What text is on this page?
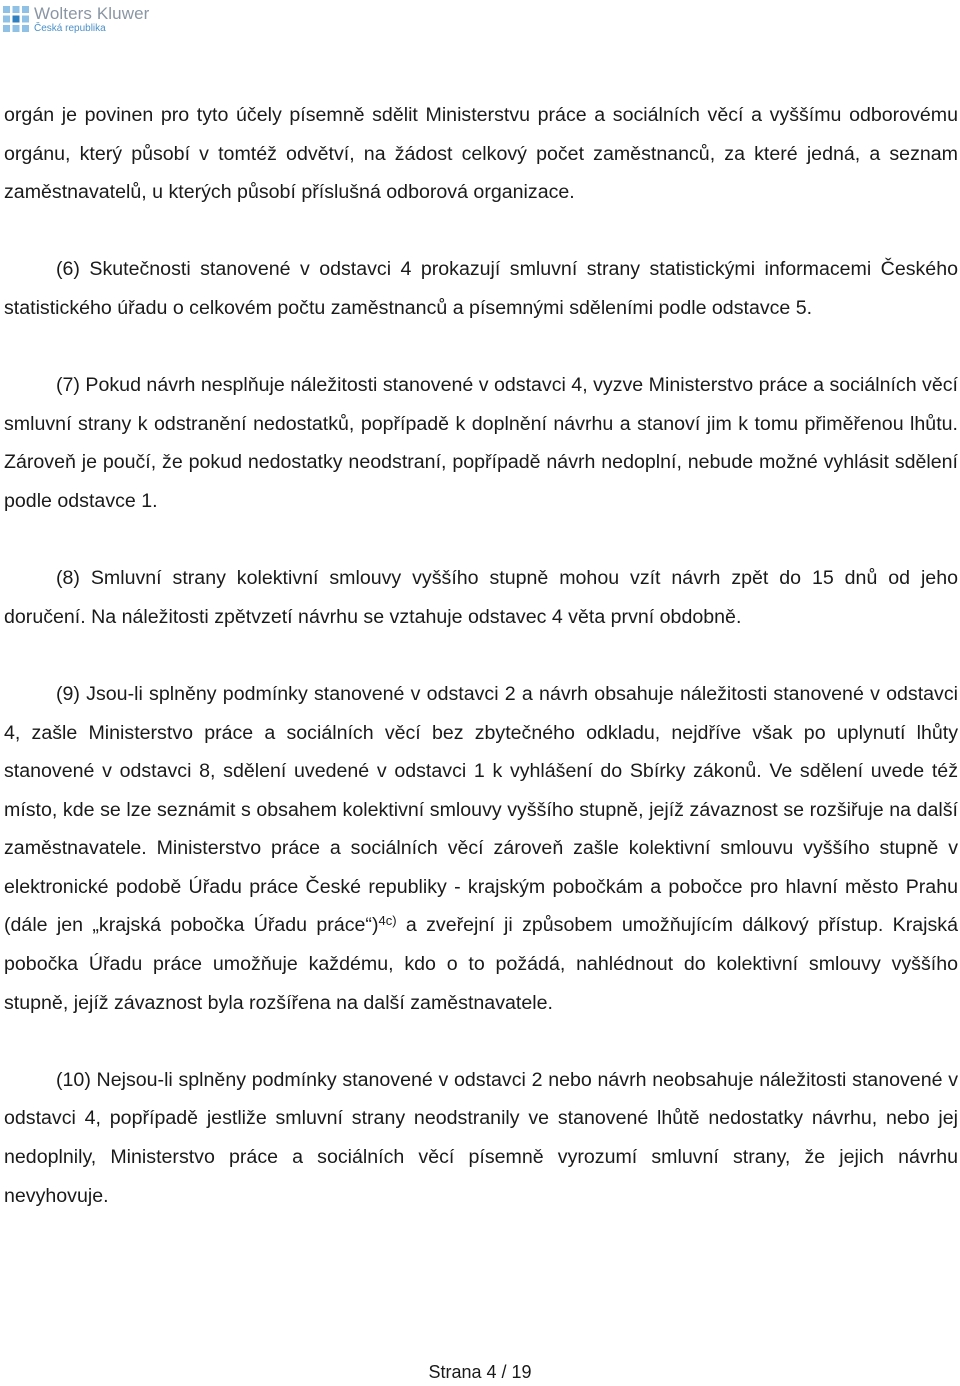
Wolters Kluwer
Česká republika

orgán je povinen pro tyto účely písemně sdělit Ministerstvu práce a sociálních věcí a vyššímu odborovému orgánu, který působí v tomtéž odvětví, na žádost celkový počet zaměstnanců, za které jedná, a seznam zaměstnavatelů, u kterých působí příslušná odborová organizace.

(6) Skutečnosti stanovené v odstavci 4 prokazují smluvní strany statistickými informacemi Českého statistického úřadu o celkovém počtu zaměstnanců a písemnými sděleními podle odstavce 5.

(7) Pokud návrh nesplňuje náležitosti stanovené v odstavci 4, vyzve Ministerstvo práce a sociálních věcí smluvní strany k odstranění nedostatků, popřípadě k doplnění návrhu a stanoví jim k tomu přiměřenou lhůtu. Zároveň je poučí, že pokud nedostatky neodstraní, popřípadě návrh nedoplní, nebude možné vyhlásit sdělení podle odstavce 1.

(8) Smluvní strany kolektivní smlouvy vyššího stupně mohou vzít návrh zpět do 15 dnů od jeho doručení. Na náležitosti zpětvzetí návrhu se vztahuje odstavec 4 věta první obdobně.

(9) Jsou-li splněny podmínky stanovené v odstavci 2 a návrh obsahuje náležitosti stanovené v odstavci 4, zašle Ministerstvo práce a sociálních věcí bez zbytečného odkladu, nejdříve však po uplynutí lhůty stanovené v odstavci 8, sdělení uvedené v odstavci 1 k vyhlášení do Sbírky zákonů. Ve sdělení uvede též místo, kde se lze seznámit s obsahem kolektivní smlouvy vyššího stupně, jejíž závaznost se rozšiřuje na další zaměstnavatele. Ministerstvo práce a sociálních věcí zároveň zašle kolektivní smlouvu vyššího stupně v elektronické podobě Úřadu práce České republiky - krajským pobočkám a pobočce pro hlavní město Prahu (dále jen „krajská pobočka Úřadu práce“)$^{4c)}$ a zveřejní ji způsobem umožňujícím dálkový přístup. Krajská pobočka Úřadu práce umožňuje každému, kdo o to požádá, nahlédnout do kolektivní smlouvy vyššího stupně, jejíž závaznost byla rozšířena na další zaměstnavatele.

(10) Nejsou-li splněny podmínky stanovené v odstavci 2 nebo návrh neobsahuje náležitosti stanovené v odstavci 4, popřípadě jestliže smluvní strany neodstranily ve stanovené lhůtě nedostatky návrhu, nebo jej nedoplnily, Ministerstvo práce a sociálních věcí písemně vyrozumí smluvní strany, že jejich návrhu nevyhovuje.

Strana 4 / 19
